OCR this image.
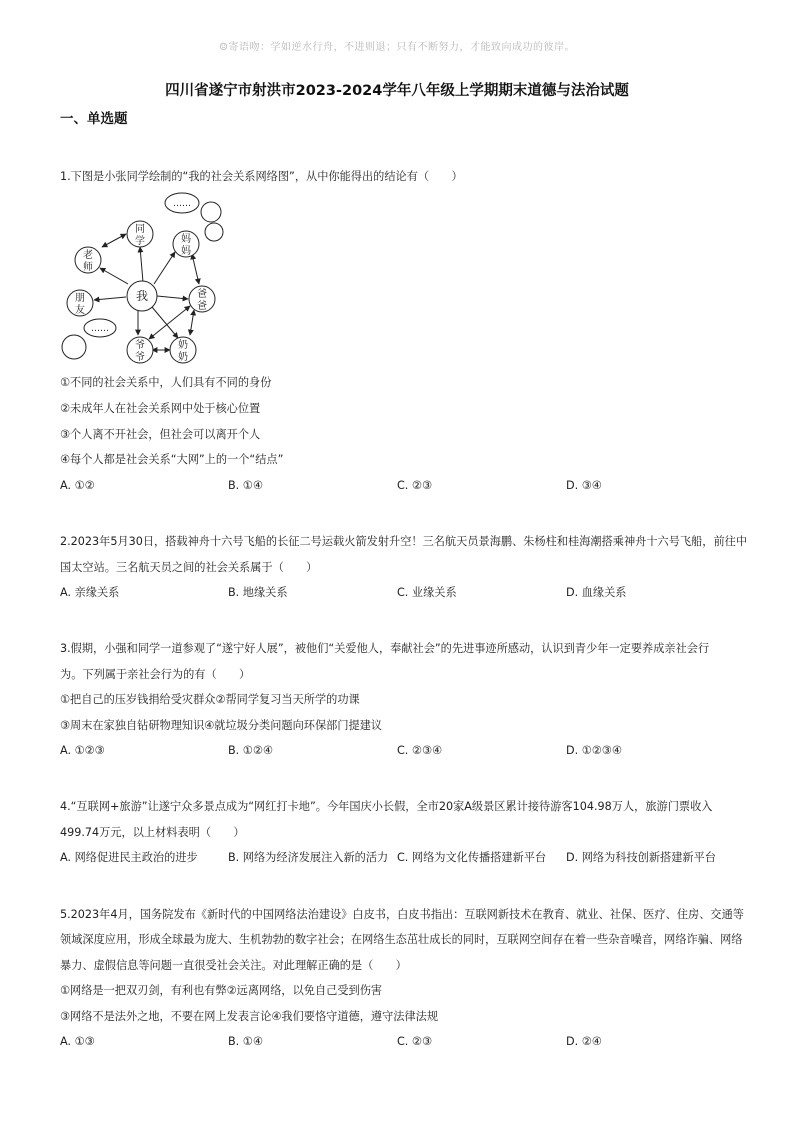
☺寄语吻：学如逆水行舟，不进则退；只有不断努力，才能致向成功的彼岸。
四川省遂宁市射洪市2023-2024学年八年级上学期期末道德与法治试题
一、单选题
1.下图是小张同学绘制的“我的社会关系网络图”，从中你能得出的结论有（　　）
我
同
学
老
师
朋
友
妈
妈
爸
爸
爷
爷
奶
奶
……
……
①不同的社会关系中，人们具有不同的身份
②未成年人在社会关系网中处于核心位置
③个人离不开社会，但社会可以离开个人
④每个人都是社会关系“大网”上的一个“结点”
A. ①②	B. ①④	C. ②③	D. ③④
2.2023年5月30日，搭载神舟十六号飞船的长征二号运载火箭发射升空！三名航天员景海鹏、朱杨柱和桂海潮搭乘神舟十六号飞船，前往中
国太空站。三名航天员之间的社会关系属于（　　）
A. 亲缘关系	B. 地缘关系	C. 业缘关系	D. 血缘关系
3.假期，小强和同学一道参观了“遂宁好人展”，被他们“关爱他人，奉献社会”的先进事迹所感动，认识到青少年一定要养成亲社会行
为。下列属于亲社会行为的有（　　）
①把自己的压岁钱捐给受灾群众②帮同学复习当天所学的功课
③周末在家独自钻研物理知识④就垃圾分类问题向环保部门提建议
A. ①②③	B. ①②④	C. ②③④	D. ①②③④
4.“互联网+旅游”让遂宁众多景点成为“网红打卡地”。今年国庆小长假，全市20家A级景区累计接待游客104.98万人，旅游门票收入
499.74万元，以上材料表明（　　）
A. 网络促进民主政治的进步	B. 网络为经济发展注入新的活力 C. 网络为文化传播搭建新平台 D. 网络为科技创新搭建新平台
5.2023年4月，国务院发布《新时代的中国网络法治建设》白皮书，白皮书指出：互联网新技术在教育、就业、社保、医疗、住房、交通等
领域深度应用，形成全球最为庞大、生机勃勃的数字社会；在网络生态茁壮成长的同时，互联网空间存在着一些杂音噪音，网络诈骗、网络
暴力、虚假信息等问题一直很受社会关注。对此理解正确的是（　　）
①网络是一把双刃剑，有利也有弊②远离网络，以免自己受到伤害
③网络不是法外之地，不要在网上发表言论④我们要恪守道德，遵守法律法规
A. ①③	B. ①④	C. ②③	D. ②④
